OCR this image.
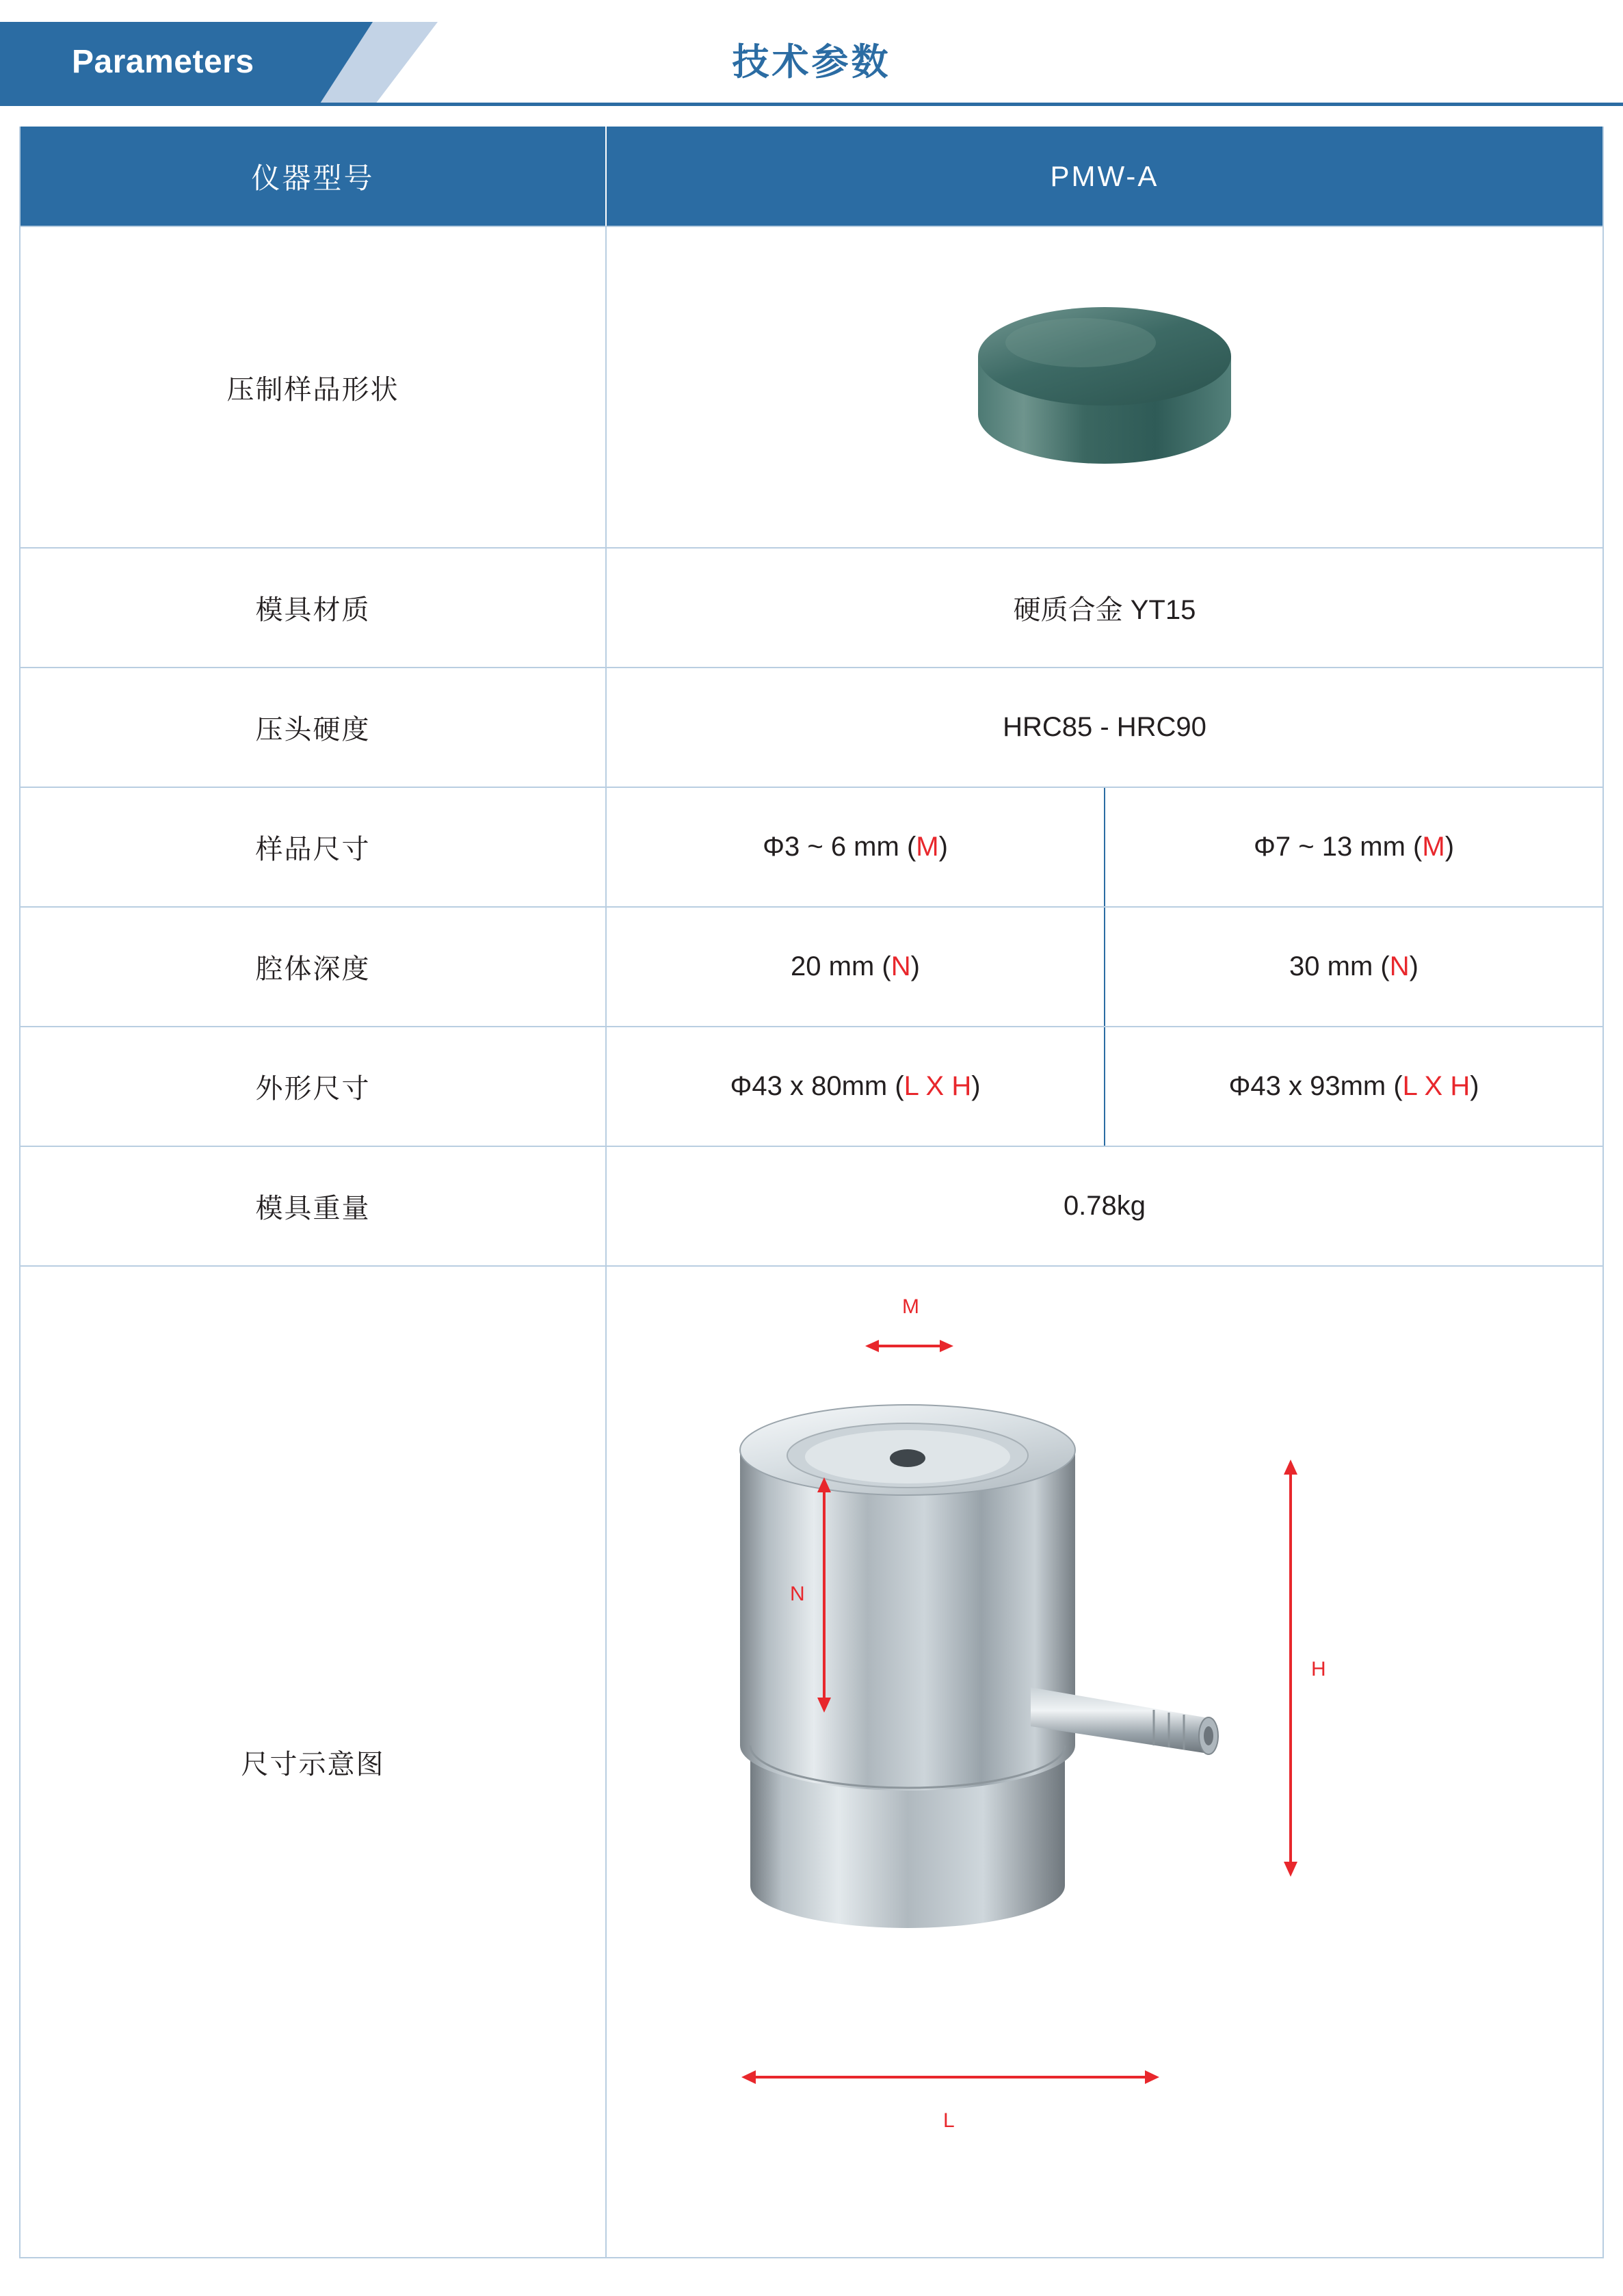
Parameters	技术参数
仪器型号	PMW-A
压制样品形状
模具材质	硬质合金 YT15
压头硬度	HRC85 - HRC90
样品尺寸	Φ3 ~ 6 mm ( M )	Φ7 ~ 13 mm ( M )
腔体深度	20 mm ( N )	30 mm ( N )
外形尺寸	Φ43 x 80mm ( L X H )	Φ43 x 93mm ( L X H )
模具重量	0.78kg
尺寸示意图
M
N
H
L
